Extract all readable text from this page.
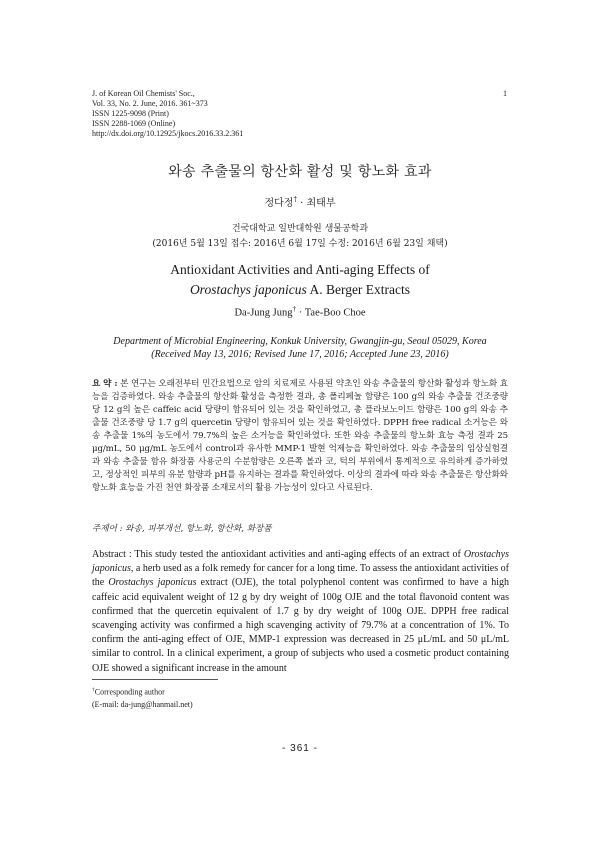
J. of Korean Oil Chemists' Soc.,
Vol. 33, No. 2. June, 2016. 361~373
ISSN 1225-9098 (Print)
ISSN 2288-1069 (Online)
http://dx.doi.org/10.12925/jkocs.2016.33.2.361
1
와송 추출물의 항산화 활성 및 항노화 효과
정다정† · 최태부
건국대학교 일반대학원 생물공학과
(2016년 5월 13일 접수: 2016년 6월 17일 수정: 2016년 6월 23일 채택)
Antioxidant Activities and Anti-aging Effects of
Orostachys japonicus A. Berger Extracts
Da-Jung Jung† · Tae-Boo Choe
Department of Microbial Engineering, Konkuk University, Gwangjin-gu, Seoul 05029, Korea
(Received May 13, 2016; Revised June 17, 2016; Accepted June 23, 2016)
요 약 : 본 연구는 오래전부터 민간요법으로 암의 치료제로 사용된 약초인 와송 추출물의 항산화 활성과 항노화 효능을 검증하였다. 와송 추출물의 항산화 활성을 측정한 결과, 총 폴리페놀 함량은 100 g의 와송 추출물 건조중량 당 12 g의 높은 caffeic acid 당량이 함유되어 있는 것을 확인하였고, 총 플라보노이드 함량은 100 g의 와송 추출물 건조중량 당 1.7 g의 quercetin 당량이 함유되어 있는 것을 확인하였다. DPPH free radical 소거능은 와송 추출물 1%의 농도에서 79.7%의 높은 소거능을 확인하였다. 또한 와송 추출물의 항노화 효능 측정 결과 25 μg/mL, 50 μg/mL 농도에서 control과 유사한 MMP-1 발현 억제능을 확인하였다. 와송 추출물의 임상실험결과 와송 추출물 함유 화장품 사용군의 수분함량은 오른쪽 볼과 코, 턱의 부위에서 통계적으로 유의하게 증가하였고, 정상적인 피부의 유분 함량과 pH를 유지하는 결과를 확인하였다. 이상의 결과에 따라 와송 추출물은 항산화와 항노화 효능을 가진 천연 화장품 소재로서의 활용 가능성이 있다고 사료된다.
주제어 : 와송, 피부개선, 항노화, 항산화, 화장품
Abstract : This study tested the antioxidant activities and anti-aging effects of an extract of Orostachys japonicus, a herb used as a folk remedy for cancer for a long time. To assess the antioxidant activities of the Orostachys japonicus extract (OJE), the total polyphenol content was confirmed to have a high caffeic acid equivalent weight of 12 g by dry weight of 100g OJE and the total flavonoid content was confirmed that the quercetin equivalent of 1.7 g by dry weight of 100g OJE. DPPH free radical scavenging activity was confirmed a high scavenging activity of 79.7% at a concentration of 1%. To confirm the anti-aging effect of OJE, MMP-1 expression was decreased in 25 μL/mL and 50 μL/mL similar to control. In a clinical experiment, a group of subjects who used a cosmetic product containing OJE showed a significant increase in the amount
†Corresponding author
(E-mail: da-jung@hanmail.net)
- 361 -
